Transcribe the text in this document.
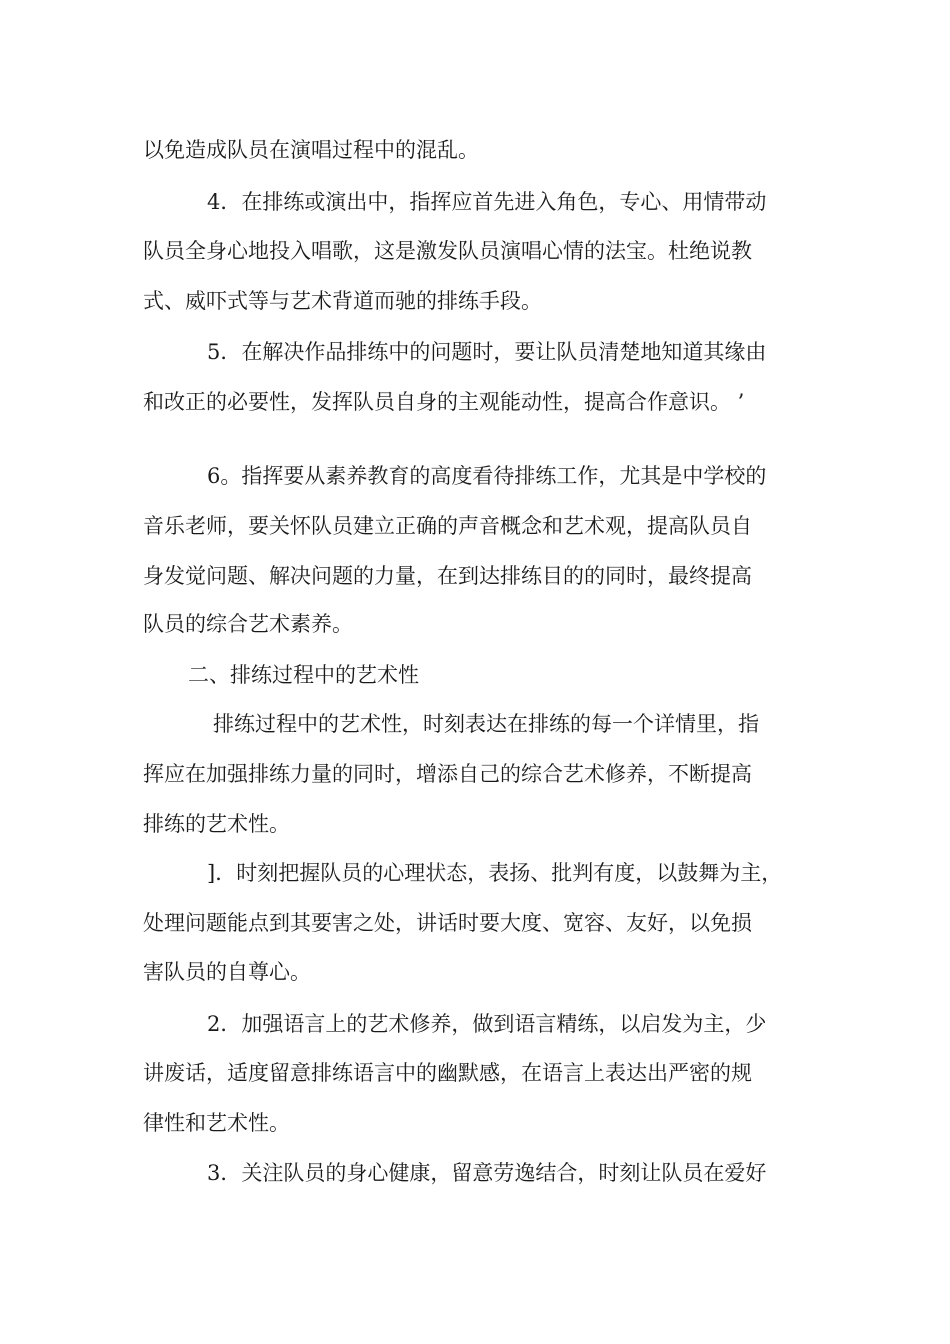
以免造成队员在演唱过程中的混乱。

4．在排练或演出中，指挥应首先进入角色，专心、用情带动

队员全身心地投入唱歌，这是激发队员演唱心情的法宝。杜绝说教

式、威吓式等与艺术背道而驰的排练手段。

5．在解决作品排练中的问题时，要让队员清楚地知道其缘由

和改正的必要性，发挥队员自身的主观能动性，提高合作意识。 ’

6。指挥要从素养教育的高度看待排练工作，尤其是中学校的

音乐老师，要关怀队员建立正确的声音概念和艺术观，提高队员自

身发觉问题、解决问题的力量，在到达排练目的的同时，最终提高

队员的综合艺术素养。

二、排练过程中的艺术性

排练过程中的艺术性，时刻表达在排练的每一个详情里，指

挥应在加强排练力量的同时，增添自己的综合艺术修养，不断提高

排练的艺术性。

]．时刻把握队员的心理状态，表扬、批判有度，以鼓舞为主，

处理问题能点到其要害之处，讲话时要大度、宽容、友好，以免损

害队员的自尊心。

2．加强语言上的艺术修养，做到语言精练，以启发为主，少

讲废话，适度留意排练语言中的幽默感，在语言上表达出严密的规

律性和艺术性。

3．关注队员的身心健康，留意劳逸结合，时刻让队员在爱好
